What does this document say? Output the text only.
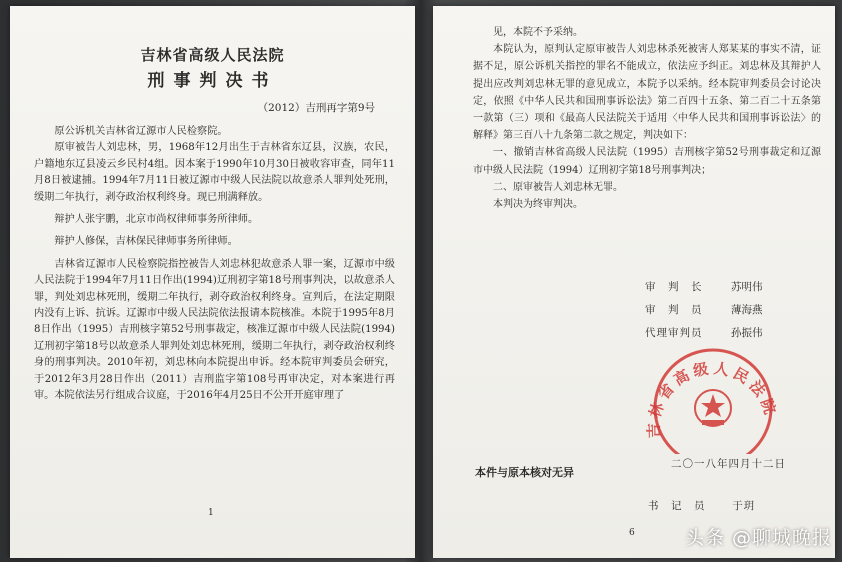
吉林省高级人民法院
刑事判决书
（2012）吉刑再字第9号

原公诉机关吉林省辽源市人民检察院。

原审被告人刘忠林，男，1968年12月出生于吉林省东辽县，汉族，农民，户籍地东辽县凌云乡民村4组。因本案于1990年10月30日被收容审查，同年11月8日被逮捕。1994年7月11日被辽源市中级人民法院以故意杀人罪判处死刑，缓期二年执行，剥夺政治权利终身。现已刑满释放。

辩护人张宇鹏，北京市尚权律师事务所律师。

辩护人修保，吉林保民律师事务所律师。

吉林省辽源市人民检察院指控被告人刘忠林犯故意杀人罪一案，辽源市中级人民法院于1994年7月11日作出(1994)辽刑初字第18号刑事判决，以故意杀人罪，判处刘忠林死刑，缓期二年执行，剥夺政治权利终身。宣判后，在法定期限内没有上诉、抗诉。辽源市中级人民法院依法报请本院核准。本院于1995年8月8日作出（1995）吉刑核字第52号刑事裁定，核准辽源市中级人民法院(1994)辽刑初字第18号以故意杀人罪判处刘忠林死刑，缓期二年执行，剥夺政治权利终身的刑事判决。2010年初，刘忠林向本院提出申诉。经本院审判委员会研究，于2012年3月28日作出（2011）吉刑监字第108号再审决定，对本案进行再审。本院依法另行组成合议庭，于2016年4月25日不公开开庭审理了

1

见，本院不予采纳。

本院认为，原判认定原审被告人刘忠林杀死被害人郑某某的事实不清，证据不足，原公诉机关指控的罪名不能成立，依法应予纠正。刘忠林及其辩护人提出应改判刘忠林无罪的意见成立，本院予以采纳。经本院审判委员会讨论决定，依照《中华人民共和国刑事诉讼法》第二百四十五条、第二百二十五条第一款第（三）项和《最高人民法院关于适用〈中华人民共和国刑事诉讼法〉的解释》第三百八十九条第二款之规定，判决如下：

一、撤销吉林省高级人民法院（1995）吉刑核字第52号刑事裁定和辽源市中级人民法院（1994）辽刑初字第18号刑事判决；

二、原审被告人刘忠林无罪。

本判决为终审判决。

审　判　长	苏明伟
审　判　员	薄海燕
代理审判员	孙振伟
吉林省高级人民法院
二〇一八年四月十二日
本件与原本核对无异
书　记　员	于玥
6	头条 @聊城晚报
